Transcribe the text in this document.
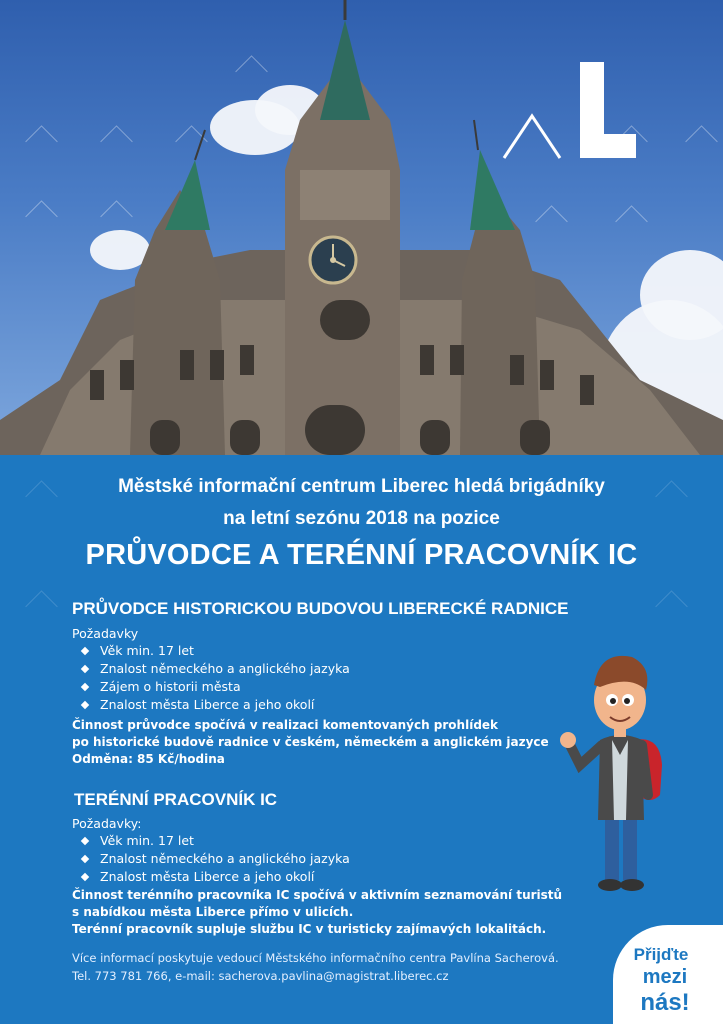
Městské informační centrum Liberec hledá brigádníky
na letní sezónu 2018 na pozice
PRŮVODCE A TERÉNNÍ PRACOVNÍK IC
PRŮVODCE HISTORICKOU BUDOVOU LIBERECKÉ RADNICE
Požadavky
Věk min. 17 let
Znalost německého a anglického jazyka
Zájem o historii města
Znalost města Liberce a jeho okolí
Činnost průvodce spočívá v realizaci komentovaných prohlídek
po historické budově radnice v českém, německém a anglickém jazyce
Odměna: 85 Kč/hodina
TERÉNNÍ PRACOVNÍK IC
Požadavky:
Věk min. 17 let
Znalost německého a anglického jazyka
Znalost města Liberce a jeho okolí
Činnost terénního pracovníka IC spočívá v aktivním seznamování turistů
s nabídkou města Liberce přímo v ulicích.
Terénní pracovník supluje službu IC v turisticky zajímavých lokalitách.
Více informací poskytuje vedoucí Městského informačního centra Pavlína Sacherová.
Tel. 773 781 766, e-mail: sacherova.pavlina@magistrat.liberec.cz
Přijďte
mezi
nás!
